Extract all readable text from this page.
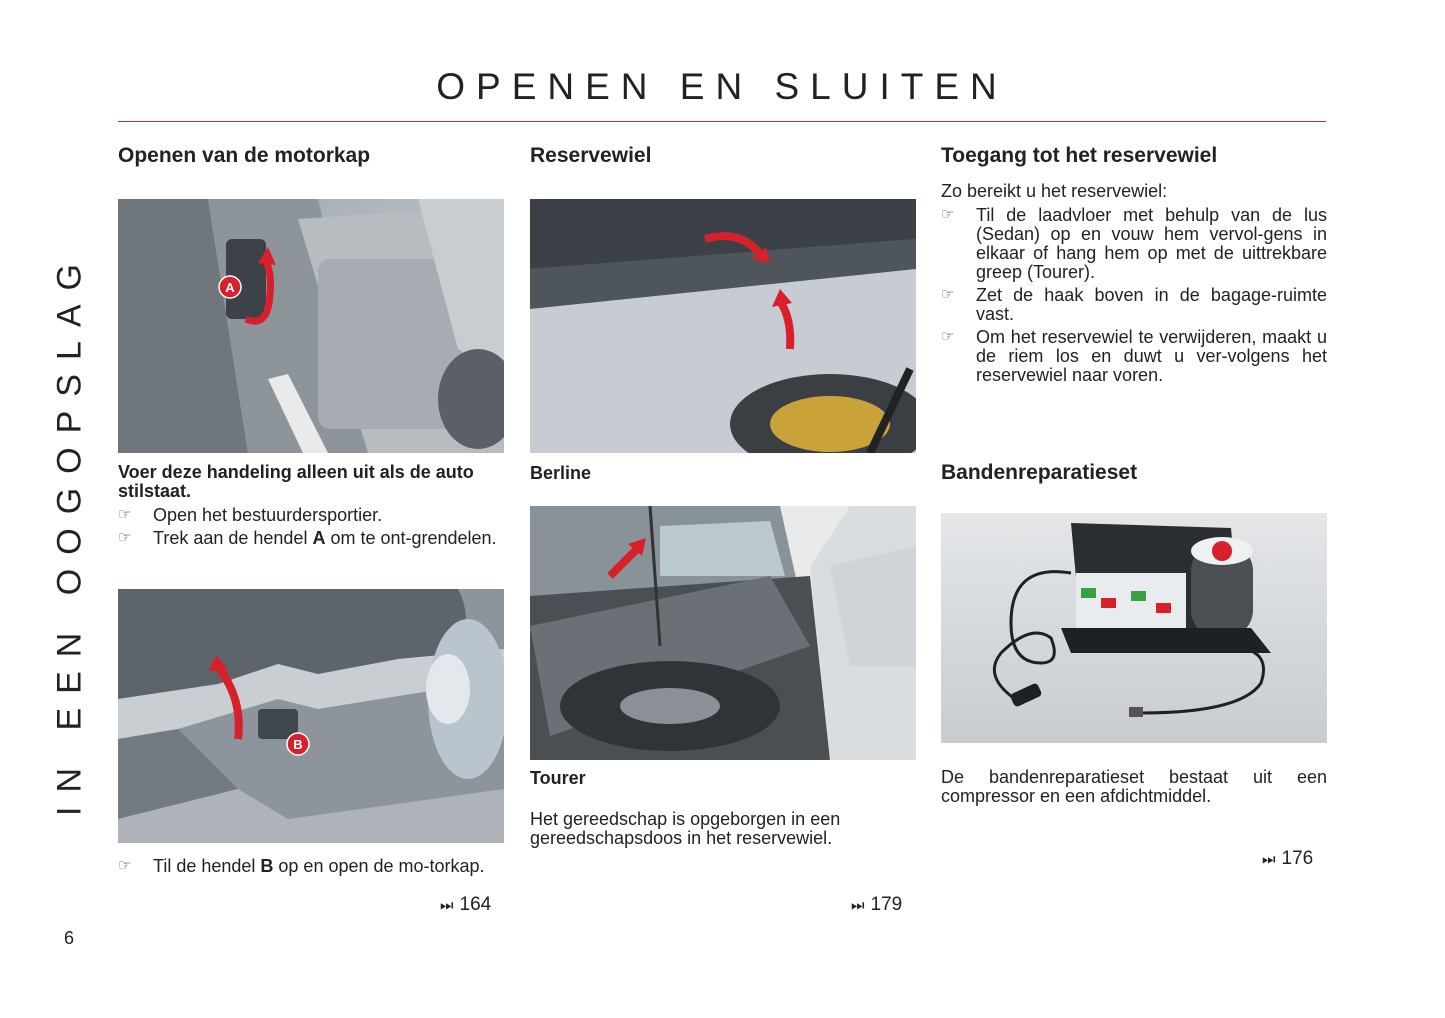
OPENEN EN SLUITEN
IN EEN OOGOPSLAG
6
Openen van de motorkap
A

Voer deze handeling alleen uit als de auto stilstaat.

☞ Open het bestuurdersportier.
☞ Trek aan de hendel A om te ont-grendelen.
B
☞ Til de hendel B op en open de mo-torkap.
⏭ 164
Reservewiel
Berline
Tourer

Het gereedschap is opgeborgen in een gereedschapsdoos in het reservewiel.

⏭ 179
Toegang tot het reservewiel

Zo bereikt u het reservewiel:

☞ Til de laadvloer met behulp van de lus (Sedan) op en vouw hem vervol-gens in elkaar of hang hem op met de uittrekbare greep (Tourer).
☞ Zet de haak boven in de bagage-ruimte vast.
☞ Om het reservewiel te verwijderen, maakt u de riem los en duwt u ver-volgens het reservewiel naar voren.
Bandenreparatieset

De bandenreparatieset bestaat uit een compressor en een afdichtmiddel.

⏭ 176
